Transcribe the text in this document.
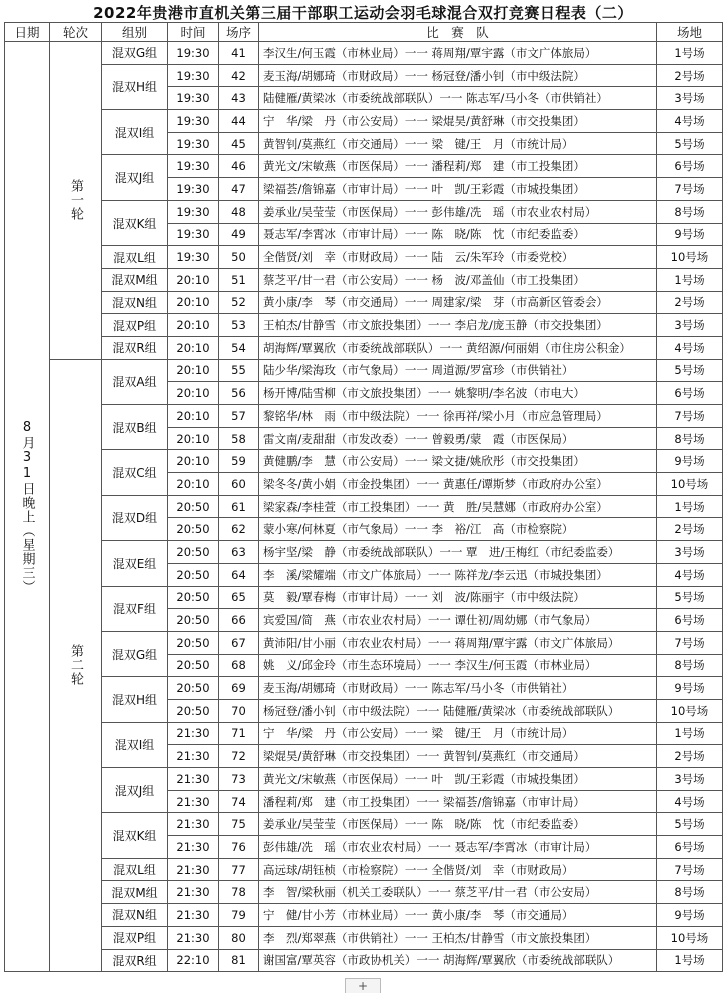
2022年贵港市直机关第三届干部职工运动会羽毛球混合双打竞赛日程表（二）
日期	轮次	组别	时间	场序	比　赛　队	场地
8月31日晚上（星期三）	第一轮	混双G组	19:30	41	李汉生/何玉霞（市林业局）一一 蒋周翔/覃宇露（市文广体旅局）	1号场
		混双H组	19:30	42	麦玉海/胡娜琦（市财政局）一一 杨冠登/潘小钊（市中级法院）	2号场
			19:30	43	陆健雁/黄梁冰（市委统战部联队）一一 陈志军/马小冬（市供销社）	3号场
		混双I组	19:30	44	宁　华/梁　丹（市公安局）一一 梁焜昊/黄舒琳（市交投集团）	4号场
			19:30	45	黄智钊/莫燕红（市交通局）一一 梁　键/王　月（市统计局）	5号场
		混双J组	19:30	46	黄光文/宋敏燕（市医保局）一一 潘程莉/郑　建（市工投集团）	6号场
			19:30	47	梁福荟/詹锦嘉（市审计局）一一 叶　凯/王彩霞（市城投集团）	7号场
		混双K组	19:30	48	姜承业/吴莹莹（市医保局）一一 彭伟雄/冼　瑶（市农业农村局）	8号场
			19:30	49	聂志军/李霄冰（市审计局）一一 陈　晓/陈　忱（市纪委监委）	9号场
		混双L组	19:30	50	全偕贤/刘　幸（市财政局）一一 陆　云/朱军玲（市委党校）	10号场
		混双M组	20:10	51	蔡芝平/甘一君（市公安局）一一 杨　波/邓盖仙（市工投集团）	1号场
		混双N组	20:10	52	黄小康/李　琴（市交通局）一一 周建家/梁　芽（市高新区管委会）	2号场
		混双P组	20:10	53	王柏杰/甘静雪（市文旅投集团）一一 李启龙/庞玉静（市交投集团）	3号场
		混双R组	20:10	54	胡海辉/覃翼欣（市委统战部联队）一一 黄绍源/何丽娟（市住房公积金）	4号场
	第二轮	混双A组	20:10	55	陆少华/梁海玫（市气象局）一一 周道源/罗富珍（市供销社）	5号场
			20:10	56	杨开博/陆雪柳（市文旅投集团）一一 姚黎明/李名波（市电大）	6号场
		混双B组	20:10	57	黎铭华/林　雨（市中级法院）一一 徐再祥/梁小月（市应急管理局）	7号场
			20:10	58	雷文南/麦甜甜（市发改委）一一 曾毅勇/蒙　霞（市医保局）	8号场
		混双C组	20:10	59	黄健鹏/李　慧（市公安局）一一 梁文捷/姚欣彤（市交投集团）	9号场
			20:10	60	梁冬冬/黄小娟（市金投集团）一一 黄惠任/谭斯梦（市政府办公室）	10号场
		混双D组	20:50	61	梁家森/李桂萱（市工投集团）一一 黄　胜/吴慧娜（市政府办公室）	1号场
			20:50	62	蒙小寒/何林夏（市气象局）一一 李　裕/江　高（市检察院）	2号场
		混双E组	20:50	63	杨宇坚/梁　静（市委统战部联队）一一 覃　进/王梅红（市纪委监委）	3号场
			20:50	64	李　溪/梁耀端（市文广体旅局）一一 陈祥龙/李云迅（市城投集团）	4号场
		混双F组	20:50	65	莫　毅/覃春梅（市审计局）一一 刘　波/陈丽宇（市中级法院）	5号场
			20:50	66	宾爱国/简　燕（市农业农村局）一一 谭仕初/周幼娜（市气象局）	6号场
		混双G组	20:50	67	黄沛阳/甘小丽（市农业农村局）一一 蒋周翔/覃宇露（市文广体旅局）	7号场
			20:50	68	姚　义/邱金玲（市生态环境局）一一 李汉生/何玉霞（市林业局）	8号场
		混双H组	20:50	69	麦玉海/胡娜琦（市财政局）一一 陈志军/马小冬（市供销社）	9号场
			20:50	70	杨冠登/潘小钊（市中级法院）一一 陆健雁/黄梁冰（市委统战部联队）	10号场
		混双I组	21:30	71	宁　华/梁　丹（市公安局）一一 梁　键/王　月（市统计局）	1号场
			21:30	72	梁焜昊/黄舒琳（市交投集团）一一 黄智钊/莫燕红（市交通局）	2号场
		混双J组	21:30	73	黄光文/宋敏燕（市医保局）一一 叶　凯/王彩霞（市城投集团）	3号场
			21:30	74	潘程莉/郑　建（市工投集团）一一 梁福荟/詹锦嘉（市审计局）	4号场
		混双K组	21:30	75	姜承业/吴莹莹（市医保局）一一 陈　晓/陈　忱（市纪委监委）	5号场
			21:30	76	彭伟雄/冼　瑶（市农业农村局）一一 聂志军/李霄冰（市审计局）	6号场
		混双L组	21:30	77	高远球/胡钰桢（市检察院）一一 全偕贤/刘　幸（市财政局）	7号场
		混双M组	21:30	78	李　智/梁秋丽（机关工委联队）一一 蔡芝平/甘一君（市公安局）	8号场
		混双N组	21:30	79	宁　健/甘小芳（市林业局）一一 黄小康/李　琴（市交通局）	9号场
		混双P组	21:30	80	李　烈/郑翠燕（市供销社）一一 王柏杰/甘静雪（市文旅投集团）	10号场
		混双R组	22:10	81	谢国富/覃英容（市政协机关）一一 胡海辉/覃翼欣（市委统战部联队）	1号场
+
